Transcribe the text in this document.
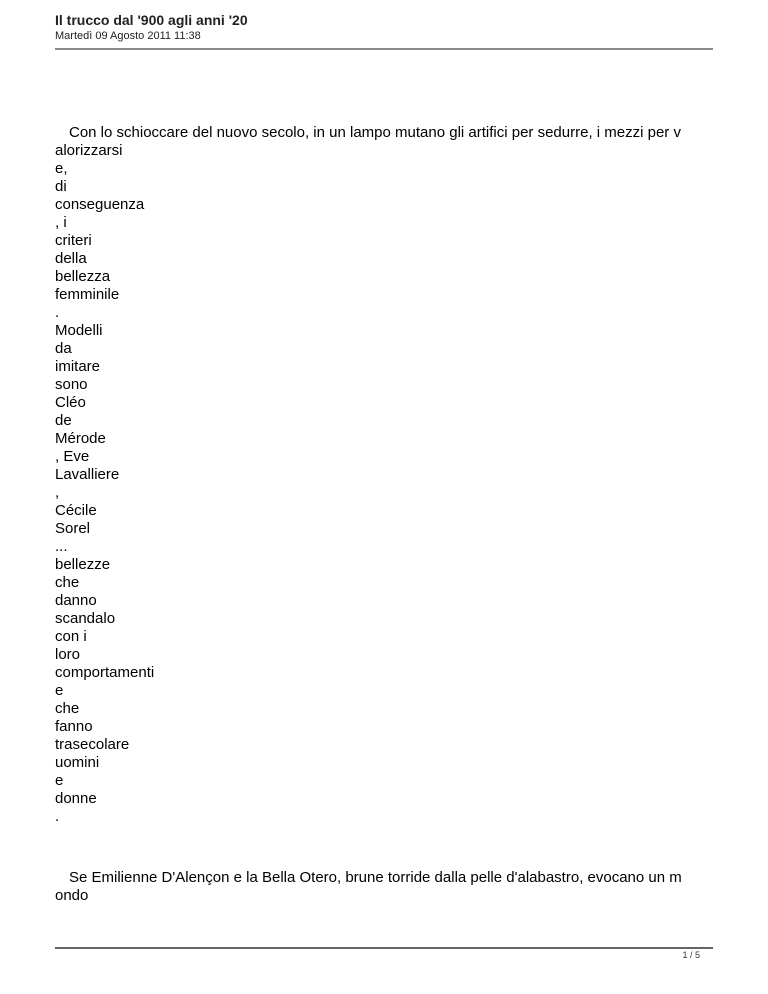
Il trucco dal '900 agli anni '20
Martedì 09 Agosto 2011 11:38

Con lo schioccare del nuovo secolo, in un lampo mutano gli artifici per sedurre, i mezzi per v

alorizzarsi
e,
di
conseguenza
, i
criteri
della
bellezza
femminile
.
Modelli
da
imitare
sono
Cléo
de
Mérode
, Eve
Lavalliere
,
Cécile
Sorel
...
bellezze
che
danno
scandalo
con i
loro
comportamenti
e
che
fanno
trasecolare
uomini
e
donne
.
Se Emilienne D'Alençon e la Bella Otero, brune torride dalla pelle d'alabastro, evocano un m
ondo
1 / 5
